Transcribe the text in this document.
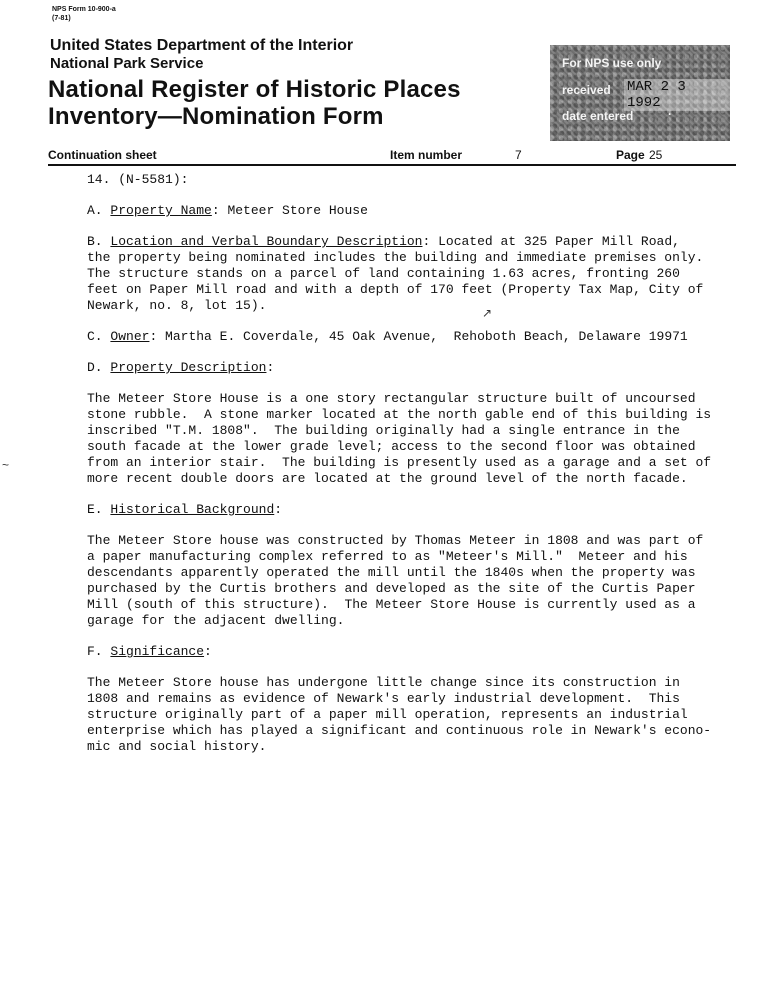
NPS Form 10-900-a
(7-81)
United States Department of the Interior
National Park Service
National Register of Historic Places
Inventory—Nomination Form
For NPS use only
received MAR 2 3 1992
date entered	·
Continuation sheet	Item number	7	Page 25

14. (N-5581):

A. Property Name: Meteer Store House

B. Location and Verbal Boundary Description: Located at 325 Paper Mill Road,
the property being nominated includes the building and immediate premises only.
The structure stands on a parcel of land containing 1.63 acres, fronting 260
feet on Paper Mill road and with a depth of 170 feet (Property Tax Map, City of
Newark, no. 8, lot 15).

C. Owner: Martha E. Coverdale, 45 Oak Avenue,  Rehoboth Beach, Delaware 19971

D. Property Description:

The Meteer Store House is a one story rectangular structure built of uncoursed
stone rubble.  A stone marker located at the north gable end of this building is
inscribed "T.M. 1808".  The building originally had a single entrance in the
south facade at the lower grade level; access to the second floor was obtained
from an interior stair.  The building is presently used as a garage and a set of
more recent double doors are located at the ground level of the north facade.

E. Historical Background:

The Meteer Store house was constructed by Thomas Meteer in 1808 and was part of
a paper manufacturing complex referred to as "Meteer's Mill."  Meteer and his
descendants apparently operated the mill until the 1840s when the property was
purchased by the Curtis brothers and developed as the site of the Curtis Paper
Mill (south of this structure).  The Meteer Store House is currently used as a
garage for the adjacent dwelling.

F. Significance:

The Meteer Store house has undergone little change since its construction in
1808 and remains as evidence of Newark's early industrial development.  This
structure originally part of a paper mill operation, represents an industrial
enterprise which has played a significant and continuous role in Newark's econo-
mic and social history.

↗
~
